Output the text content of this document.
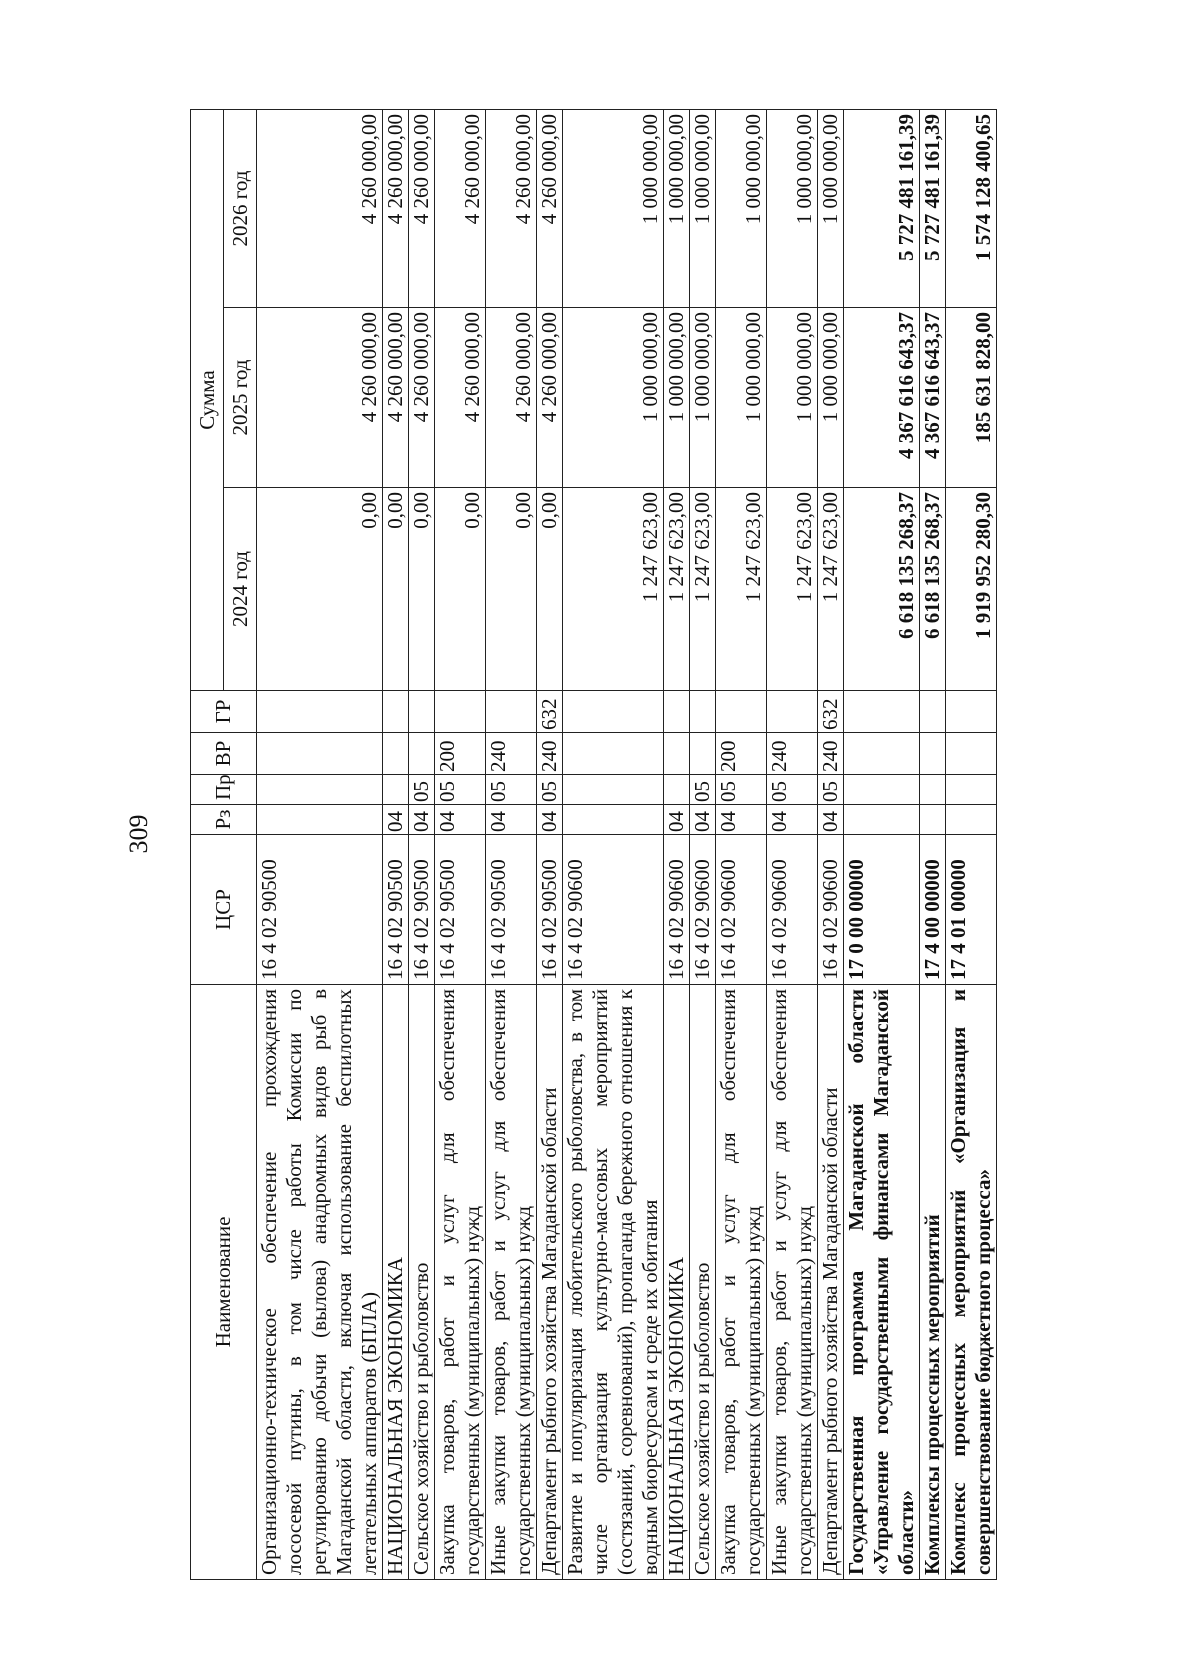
309
Наименование	ЦСР	Рз	Пр	ВР	ГР	Сумма		
						2024 год	2025 год	2026 год
Организационно-техническое обеспечение прохождения лососевой путины, в том числе работы Комиссии по регулированию добычи (вылова) анадромных видов рыб в Магаданской области, включая использование беспилотных летательных аппаратов (БПЛА)	16 4 02 90500					0,00	4 260 000,00	4 260 000,00
НАЦИОНАЛЬНАЯ ЭКОНОМИКА	16 4 02 90500	04				0,00	4 260 000,00	4 260 000,00
Сельское хозяйство и рыболовство	16 4 02 90500	04	05			0,00	4 260 000,00	4 260 000,00
Закупка товаров, работ и услуг для обеспечения государственных (муниципальных) нужд	16 4 02 90500	04	05	200		0,00	4 260 000,00	4 260 000,00
Иные закупки товаров, работ и услуг для обеспечения государственных (муниципальных) нужд	16 4 02 90500	04	05	240		0,00	4 260 000,00	4 260 000,00
Департамент рыбного хозяйства Магаданской области	16 4 02 90500	04	05	240	632	0,00	4 260 000,00	4 260 000,00
Развитие и популяризация любительского рыболовства, в том числе организация культурно-массовых мероприятий (состязаний, соревнований), пропаганда бережного отношения к водным биоресурсам и среде их обитания	16 4 02 90600					1 247 623,00	1 000 000,00	1 000 000,00
НАЦИОНАЛЬНАЯ ЭКОНОМИКА	16 4 02 90600	04				1 247 623,00	1 000 000,00	1 000 000,00
Сельское хозяйство и рыболовство	16 4 02 90600	04	05			1 247 623,00	1 000 000,00	1 000 000,00
Закупка товаров, работ и услуг для обеспечения государственных (муниципальных) нужд	16 4 02 90600	04	05	200		1 247 623,00	1 000 000,00	1 000 000,00
Иные закупки товаров, работ и услуг для обеспечения государственных (муниципальных) нужд	16 4 02 90600	04	05	240		1 247 623,00	1 000 000,00	1 000 000,00
Департамент рыбного хозяйства Магаданской области	16 4 02 90600	04	05	240	632	1 247 623,00	1 000 000,00	1 000 000,00
Государственная программа Магаданской области «Управление государственными финансами Магаданской области»	17 0 00 00000					6 618 135 268,37	4 367 616 643,37	5 727 481 161,39
Комплексы процессных мероприятий	17 4 00 00000					6 618 135 268,37	4 367 616 643,37	5 727 481 161,39
Комплекс процессных мероприятий «Организация и совершенствование бюджетного процесса»	17 4 01 00000					1 919 952 280,30	185 631 828,00	1 574 128 400,65
